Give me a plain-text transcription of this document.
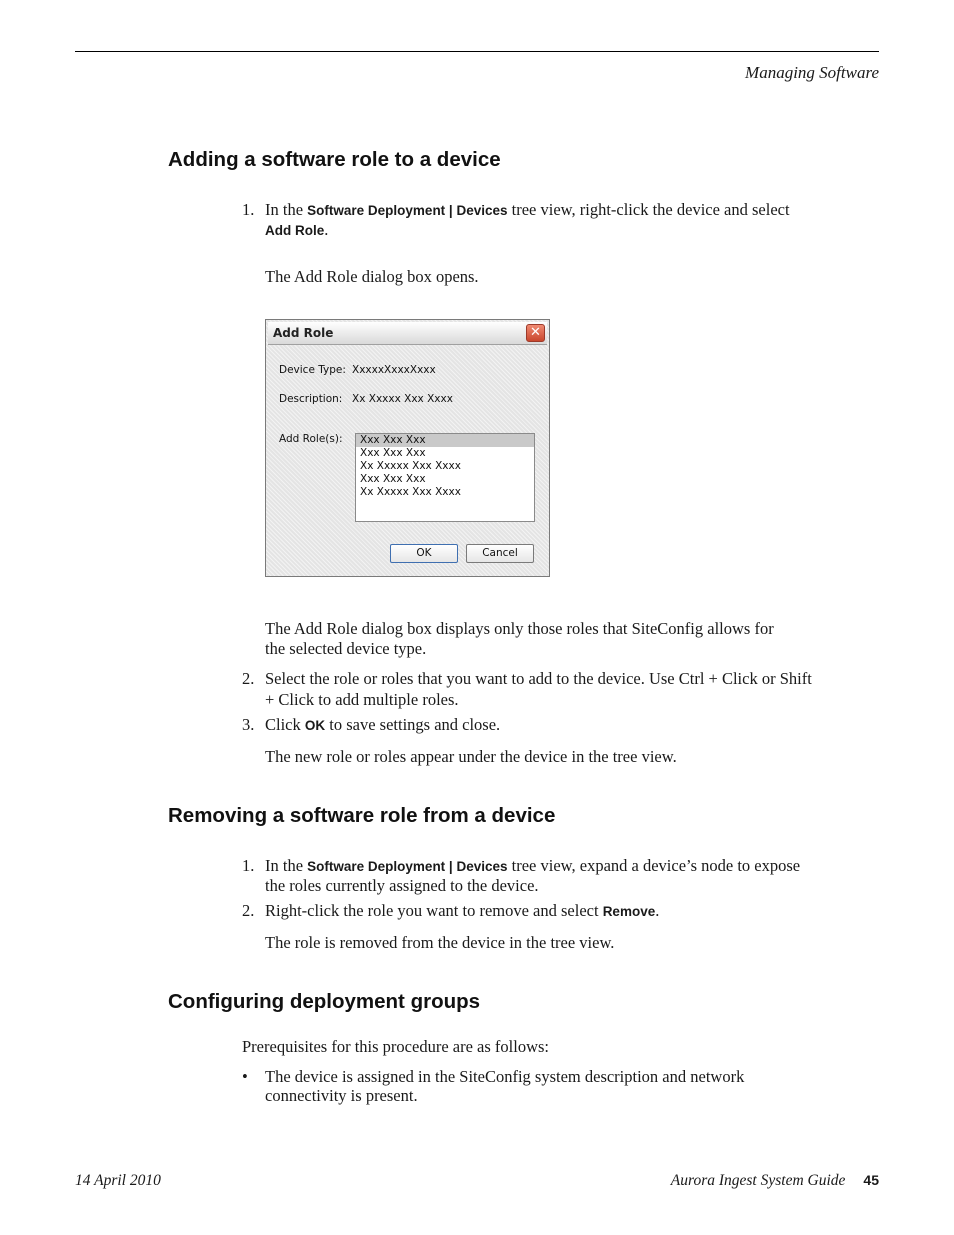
Managing Software
Adding a software role to a device
1. In the Software Deployment | Devices tree view, right-click the device and select
Add Role.
The Add Role dialog box opens.
Add Role	✕
Device Type: XxxxxXxxxXxxx
Description: Xx Xxxxx Xxx Xxxx
Add Role(s):	Xxx Xxx Xxx
Xxx Xxx Xxx
Xx Xxxxx Xxx Xxxx
Xxx Xxx Xxx
Xx Xxxxx Xxx Xxxx
OK	Cancel
The Add Role dialog box displays only those roles that SiteConfig allows for
the selected device type.
2. Select the role or roles that you want to add to the device. Use Ctrl + Click or Shift
+ Click to add multiple roles.
3. Click OK to save settings and close.
The new role or roles appear under the device in the tree view.
Removing a software role from a device
1. In the Software Deployment | Devices tree view, expand a device’s node to expose
the roles currently assigned to the device.
2. Right-click the role you want to remove and select Remove.
The role is removed from the device in the tree view.
Configuring deployment groups
Prerequisites for this procedure are as follows:
• The device is assigned in the SiteConfig system description and network
connectivity is present.
14 April 2010	Aurora Ingest System Guide 45
